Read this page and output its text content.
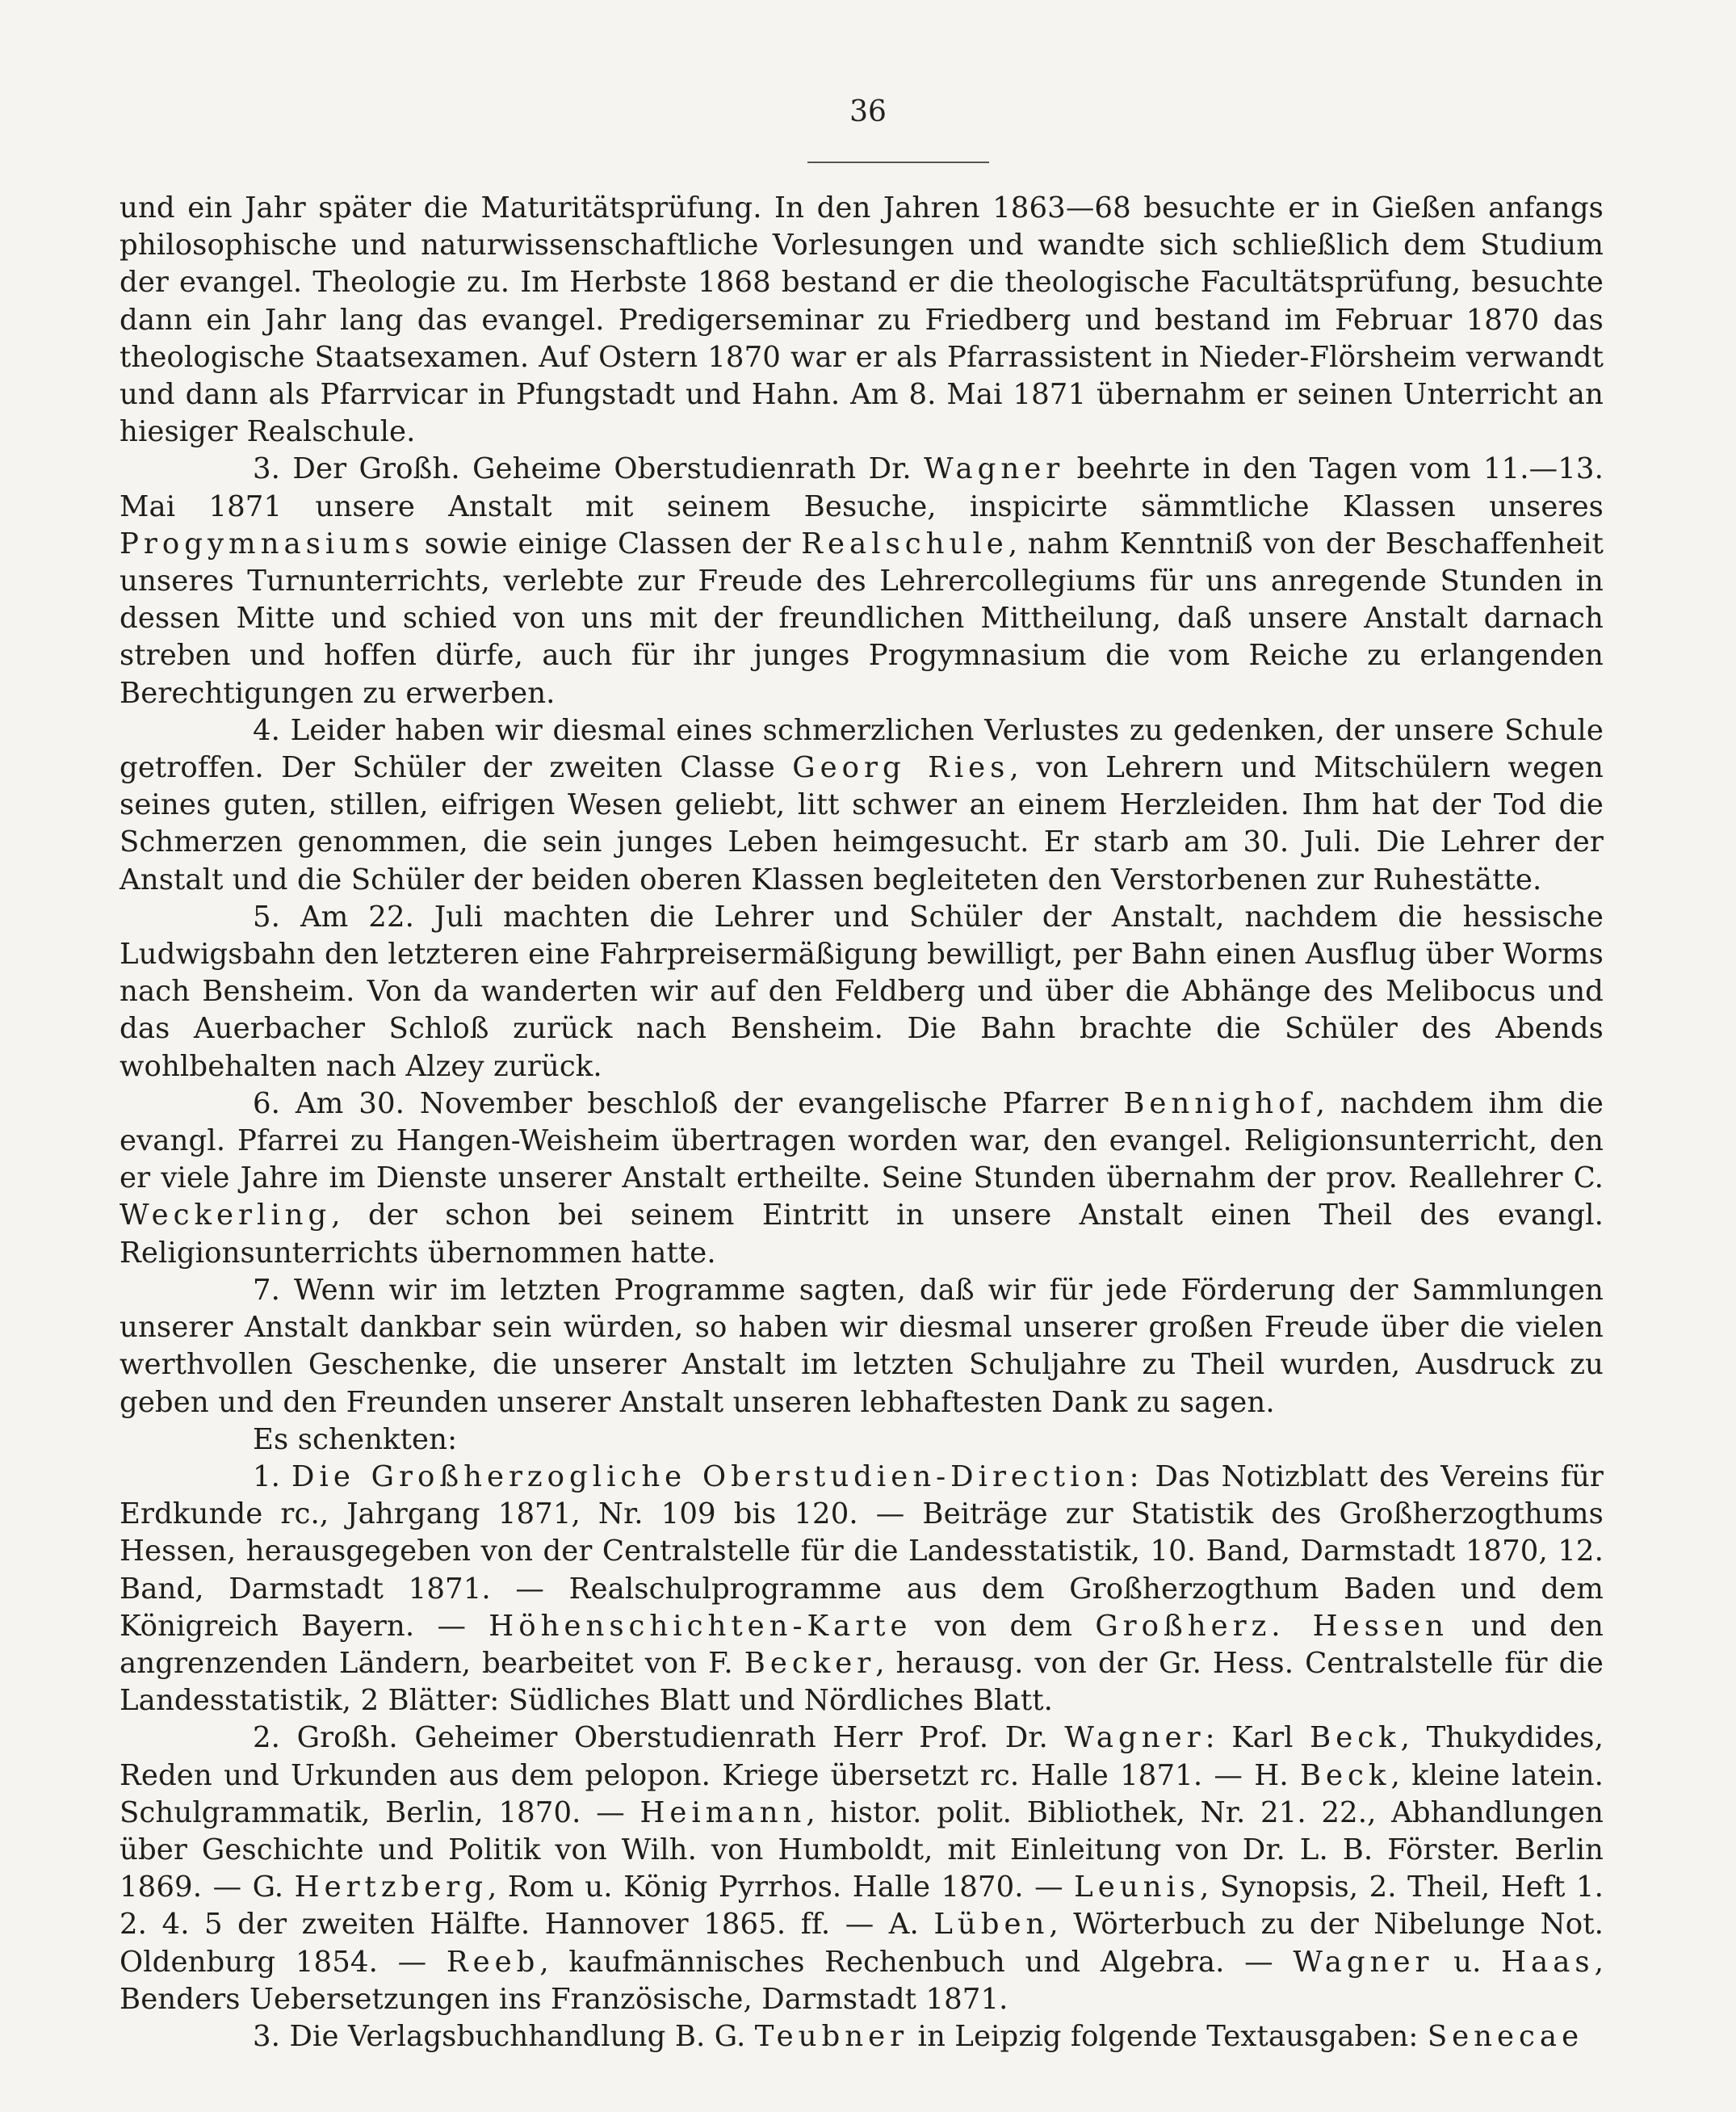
36

und ein Jahr später die Maturitätsprüfung. In den Jahren 1863—68 besuchte er in Gießen anfangs philosophische und naturwissenschaftliche Vorlesungen und wandte sich schließlich dem Studium der evangel. Theologie zu. Im Herbste 1868 bestand er die theologische Facultätsprüfung, besuchte dann ein Jahr lang das evangel. Predigerseminar zu Friedberg und bestand im Februar 1870 das theologische Staatsexamen. Auf Ostern 1870 war er als Pfarrassistent in Nieder-Flörsheim verwandt und dann als Pfarrvicar in Pfungstadt und Hahn. Am 8. Mai 1871 übernahm er seinen Unterricht an hiesiger Realschule.

3. Der Großh. Geheime Oberstudienrath Dr. Wagner beehrte in den Tagen vom 11.—13. Mai 1871 unsere Anstalt mit seinem Besuche, inspicirte sämmtliche Klassen unseres Progymnasiums sowie einige Classen der Realschule, nahm Kenntniß von der Beschaffenheit unseres Turnunterrichts, verlebte zur Freude des Lehrercollegiums für uns anregende Stunden in dessen Mitte und schied von uns mit der freundlichen Mittheilung, daß unsere Anstalt darnach streben und hoffen dürfe, auch für ihr junges Progymnasium die vom Reiche zu erlangenden Berechtigungen zu erwerben.

4. Leider haben wir diesmal eines schmerzlichen Verlustes zu gedenken, der unsere Schule getroffen. Der Schüler der zweiten Classe Georg Ries, von Lehrern und Mitschülern wegen seines guten, stillen, eifrigen Wesen geliebt, litt schwer an einem Herzleiden. Ihm hat der Tod die Schmerzen genommen, die sein junges Leben heimgesucht. Er starb am 30. Juli. Die Lehrer der Anstalt und die Schüler der beiden oberen Klassen begleiteten den Verstorbenen zur Ruhestätte.

5. Am 22. Juli machten die Lehrer und Schüler der Anstalt, nachdem die hessische Ludwigsbahn den letzteren eine Fahrpreisermäßigung bewilligt, per Bahn einen Ausflug über Worms nach Bensheim. Von da wanderten wir auf den Feldberg und über die Abhänge des Melibocus und das Auerbacher Schloß zurück nach Bensheim. Die Bahn brachte die Schüler des Abends wohlbehalten nach Alzey zurück.

6. Am 30. November beschloß der evangelische Pfarrer Bennighof, nachdem ihm die evangl. Pfarrei zu Hangen-Weisheim übertragen worden war, den evangel. Religionsunterricht, den er viele Jahre im Dienste unserer Anstalt ertheilte. Seine Stunden übernahm der prov. Reallehrer C. Weckerling, der schon bei seinem Eintritt in unsere Anstalt einen Theil des evangl. Religionsunterrichts übernommen hatte.

7. Wenn wir im letzten Programme sagten, daß wir für jede Förderung der Sammlungen unserer Anstalt dankbar sein würden, so haben wir diesmal unserer großen Freude über die vielen werthvollen Geschenke, die unserer Anstalt im letzten Schuljahre zu Theil wurden, Ausdruck zu geben und den Freunden unserer Anstalt unseren lebhaftesten Dank zu sagen.

Es schenkten:

1. Die Großherzogliche Oberstudien-Direction: Das Notizblatt des Vereins für Erdkunde rc., Jahrgang 1871, Nr. 109 bis 120. — Beiträge zur Statistik des Großherzogthums Hessen, herausgegeben von der Centralstelle für die Landesstatistik, 10. Band, Darmstadt 1870, 12. Band, Darmstadt 1871. — Realschulprogramme aus dem Großherzogthum Baden und dem Königreich Bayern. — Höhenschichten-Karte von dem Großherz. Hessen und den angrenzenden Ländern, bearbeitet von F. Becker, herausg. von der Gr. Hess. Centralstelle für die Landesstatistik, 2 Blätter: Südliches Blatt und Nördliches Blatt.

2. Großh. Geheimer Oberstudienrath Herr Prof. Dr. Wagner: Karl Beck, Thukydides, Reden und Urkunden aus dem pelopon. Kriege übersetzt rc. Halle 1871. — H. Beck, kleine latein. Schulgrammatik, Berlin, 1870. — Heimann, histor. polit. Bibliothek, Nr. 21. 22., Abhandlungen über Geschichte und Politik von Wilh. von Humboldt, mit Einleitung von Dr. L. B. Förster. Berlin 1869. — G. Hertzberg, Rom u. König Pyrrhos. Halle 1870. — Leunis, Synopsis, 2. Theil, Heft 1. 2. 4. 5 der zweiten Hälfte. Hannover 1865. ff. — A. Lüben, Wörterbuch zu der Nibelunge Not. Oldenburg 1854. — Reeb, kaufmännisches Rechenbuch und Algebra. — Wagner u. Haas, Benders Uebersetzungen ins Französische, Darmstadt 1871.

3. Die Verlagsbuchhandlung B. G. Teubner in Leipzig folgende Textausgaben: Senecae
